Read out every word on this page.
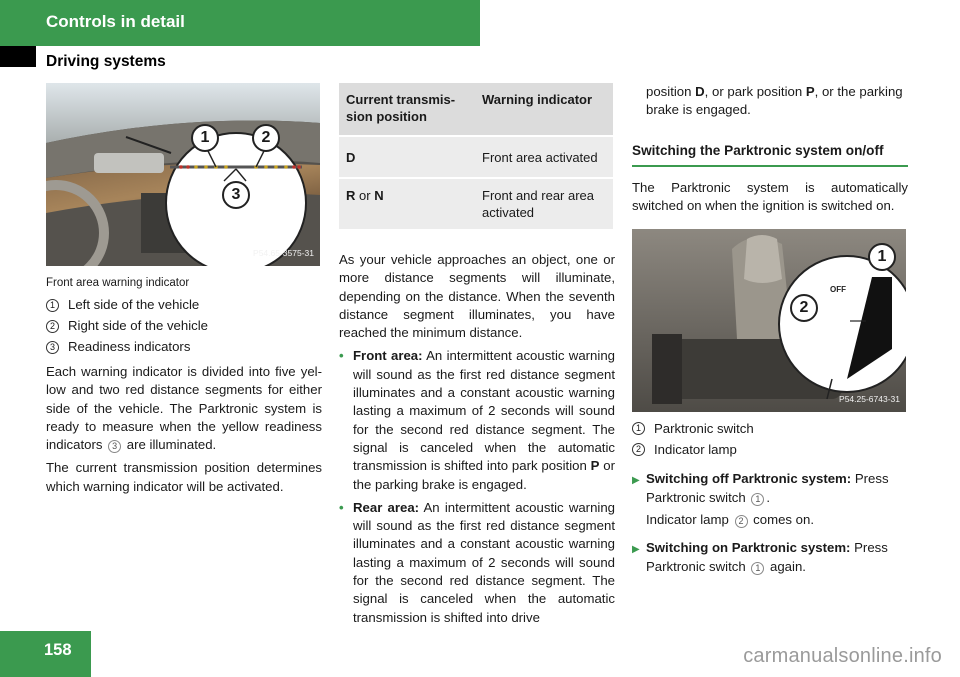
Controls in detail
Driving systems
1	2
3
P54.65-3575-31
Front area warning indicator
1 Left side of the vehicle
2 Right side of the vehicle
3 Readiness indicators

Each warning indicator is divided into five yellow and two red distance segments for either side of the vehicle. The Parktronic system is ready to measure when the yellow readiness indicators 3 are illuminated.

The current transmission position determines which warning indicator will be activated.

Current transmission position	Warning indicator
D	Front area activated
R or N	Front and rear area activated

As your vehicle approaches an object, one or more distance segments will illuminate, depending on the distance. When the seventh distance segment illuminates, you have reached the minimum distance.

• Front area: An intermittent acoustic warning will sound as the first red distance segment illuminates and a constant acoustic warning lasting a maximum of 2 seconds will sound for the second red distance segment. The signal is canceled when the automatic transmission is shifted into park position P or the parking brake is engaged.
• Rear area: An intermittent acoustic warning will sound as the first red distance segment illuminates and a constant acoustic warning lasting a maximum of 2 seconds will sound for the second red distance segment. The signal is canceled when the automatic transmission is shifted into drive

position D, or park position P, or the parking brake is engaged.

Switching the Parktronic system on/off

The Parktronic system is automatically switched on when the ignition is switched on.

OFF
P
1
2
P54.25-6743-31
1 Parktronic switch
2 Indicator lamp
▶ Switching off Parktronic system: Press Parktronic switch 1 .
Indicator lamp 2 comes on.
▶ Switching on Parktronic system: Press Parktronic switch 1 again.
158	carmanualsonline.info
